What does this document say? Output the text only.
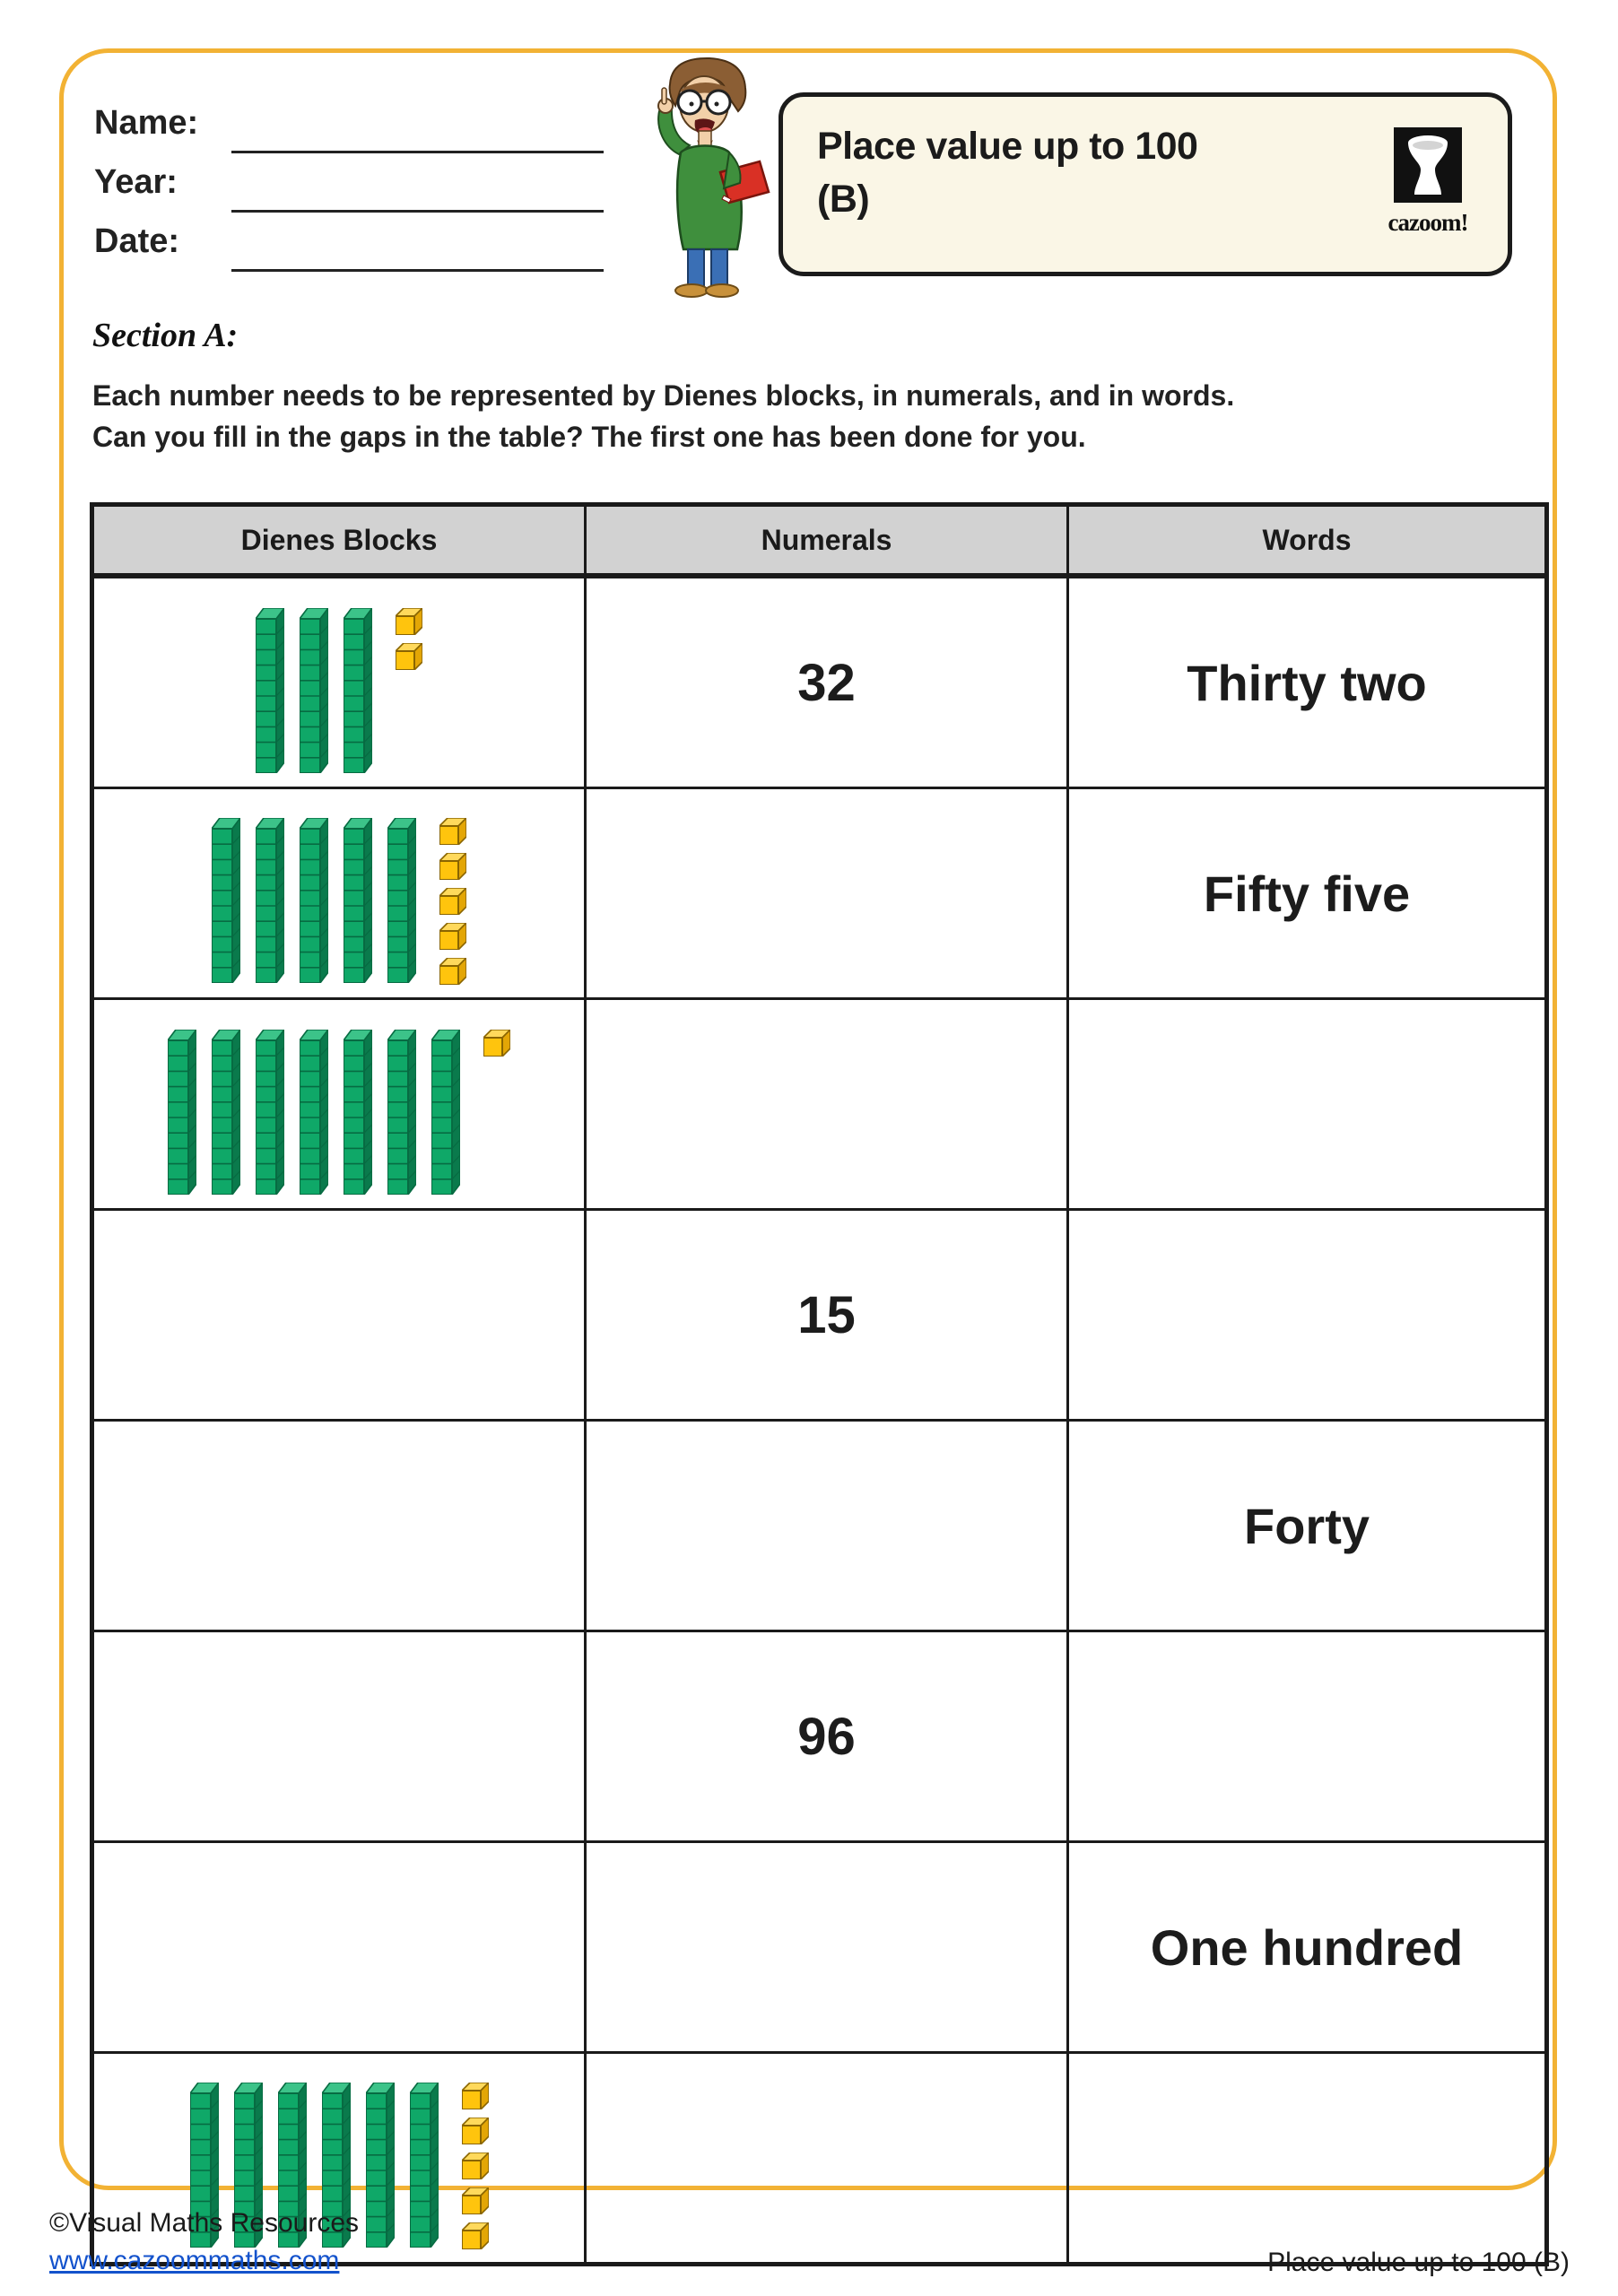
Name:
Year:
Date:
Place value up to 100
(B)
cazoom!
Section A:
Each number needs to be represented by Dienes blocks, in numerals, and in words.
Can you fill in the gaps in the table? The first one has been done for you.
Dienes Blocks	Numerals	Words

	32	Thirty two

		Fifty five

	15	
		Forty
	96	
		One hundred

©Visual Maths Resources
www.cazoommaths.com	Place value up to 100 (B)
